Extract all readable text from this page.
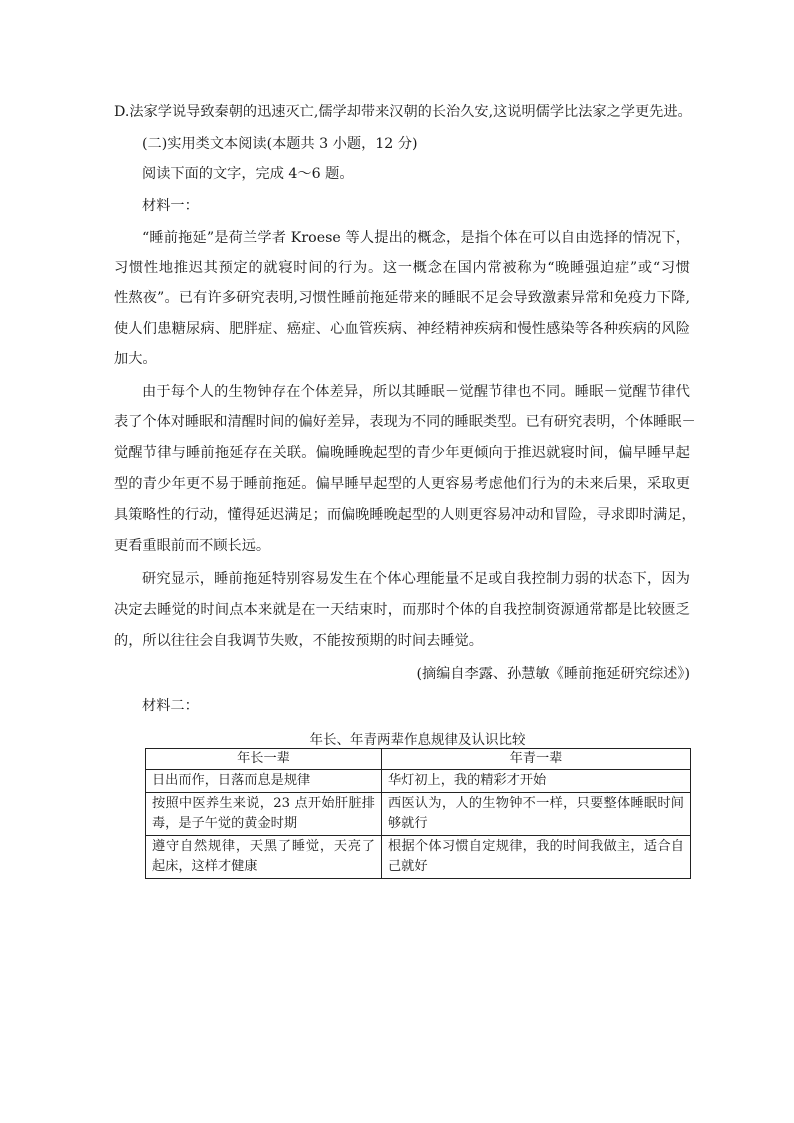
D.法家学说导致秦朝的迅速灭亡,儒学却带来汉朝的长治久安,这说明儒学比法家之学更先进。
(二)实用类文本阅读(本题共 3 小题，12 分)
阅读下面的文字，完成 4～6 题。
材料一：
“睡前拖延”是荷兰学者 Kroese 等人提出的概念，是指个体在可以自由选择的情况下，
习惯性地推迟其预定的就寝时间的行为。这一概念在国内常被称为“晚睡强迫症”或“习惯
性熬夜”。已有许多研究表明,习惯性睡前拖延带来的睡眠不足会导致激素异常和免疫力下降,
使人们患糖尿病、肥胖症、癌症、心血管疾病、神经精神疾病和慢性感染等各种疾病的风险
加大。
由于每个人的生物钟存在个体差异，所以其睡眠－觉醒节律也不同。睡眠－觉醒节律代
表了个体对睡眠和清醒时间的偏好差异，表现为不同的睡眠类型。已有研究表明，个体睡眠－
觉醒节律与睡前拖延存在关联。偏晚睡晚起型的青少年更倾向于推迟就寝时间，偏早睡早起
型的青少年更不易于睡前拖延。偏早睡早起型的人更容易考虑他们行为的未来后果，采取更
具策略性的行动，懂得延迟满足；而偏晚睡晚起型的人则更容易冲动和冒险，寻求即时满足，
更看重眼前而不顾长远。
研究显示，睡前拖延特别容易发生在个体心理能量不足或自我控制力弱的状态下，因为
决定去睡觉的时间点本来就是在一天结束时，而那时个体的自我控制资源通常都是比较匮乏
的，所以往往会自我调节失败，不能按预期的时间去睡觉。
(摘编自李露、孙慧敏《睡前拖延研究综述》)
材料二：
年长、年青两辈作息规律及认识比较
年长一辈	年青一辈
日出而作，日落而息是规律	华灯初上，我的精彩才开始
按照中医养生来说，23 点开始肝脏排毒，是子午觉的黄金时期	西医认为，人的生物钟不一样，只要整体睡眠时间够就行
遵守自然规律，天黑了睡觉，天亮了起床，这样才健康	根据个体习惯自定规律，我的时间我做主，适合自己就好
